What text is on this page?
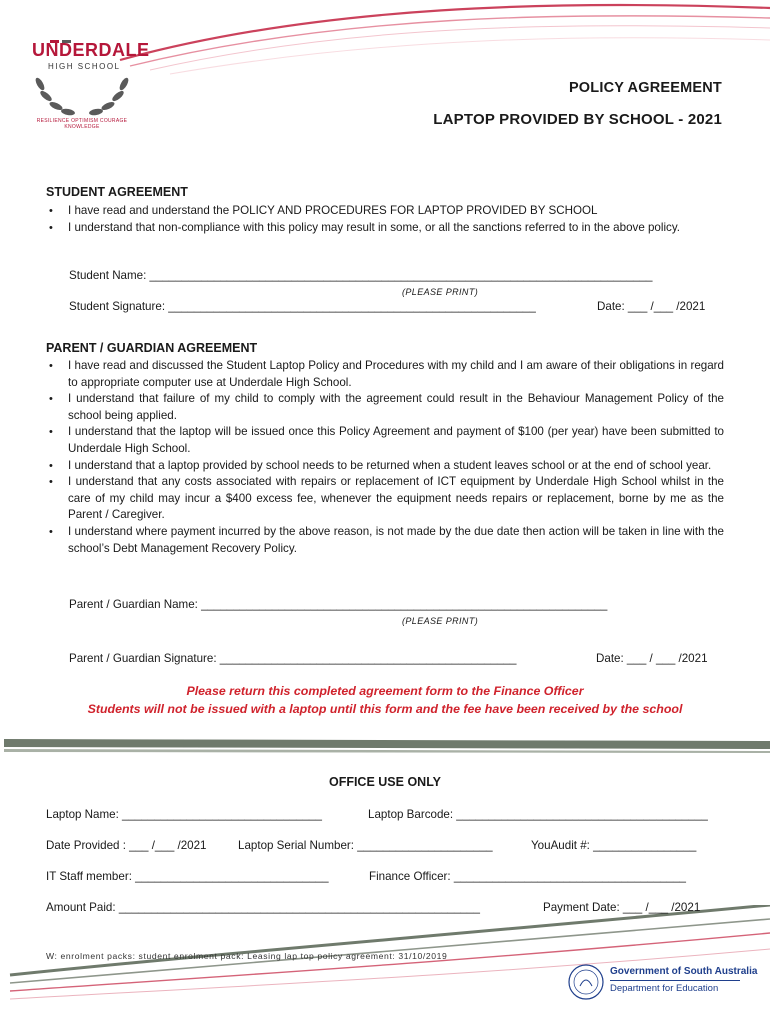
UNDERDALE
HIGH SCHOOL
RESILIENCE OPTIMISM COURAGE KNOWLEDGE
POLICY AGREEMENT
LAPTOP PROVIDED BY SCHOOL - 2021
STUDENT AGREEMENT
• I have read and understand the POLICY AND PROCEDURES FOR LAPTOP PROVIDED BY SCHOOL
• I understand that non-compliance with this policy may result in some, or all the sanctions referred to in the above policy.
Student Name: ______________________________________________________________________________
(PLEASE PRINT)
Student Signature: _________________________________________________________	Date: ___ /___ /2021
PARENT / GUARDIAN AGREEMENT
• I have read and discussed the Student Laptop Policy and Procedures with my child and I am aware of their obligations in regard to appropriate computer use at Underdale High School.
• I understand that failure of my child to comply with the agreement could result in the Behaviour Management Policy of the school being applied.
• I understand that the laptop will be issued once this Policy Agreement and payment of $100 (per year) have been submitted to Underdale High School.
• I understand that a laptop provided by school needs to be returned when a student leaves school or at the end of school year.
• I understand that any costs associated with repairs or replacement of ICT equipment by Underdale High School whilst in the care of my child may incur a $400 excess fee, whenever the equipment needs repairs or replacement, borne by me as the Parent / Caregiver.
• I understand where payment incurred by the above reason, is not made by the due date then action will be taken in line with the school’s Debt Management Recovery Policy.
Parent / Guardian Name: _______________________________________________________________
(PLEASE PRINT)
Parent / Guardian Signature: ______________________________________________	Date: ___ / ___ /2021
Please return this completed agreement form to the Finance Officer
Students will not be issued with a laptop until this form and the fee have been received by the school
OFFICE USE ONLY
Laptop Name: _______________________________	Laptop Barcode: _______________________________________
Date Provided : ___ /___ /2021	Laptop Serial Number: _____________________	YouAudit #: ________________
IT Staff member: ______________________________	Finance Officer: ____________________________________
Amount Paid: ________________________________________________________	Payment Date: ___ /___ /2021
W: enrolment packs: student enrolment pack: Leasing lap top policy agreement: 31/10/2019
Government of South Australia
Department for Education
